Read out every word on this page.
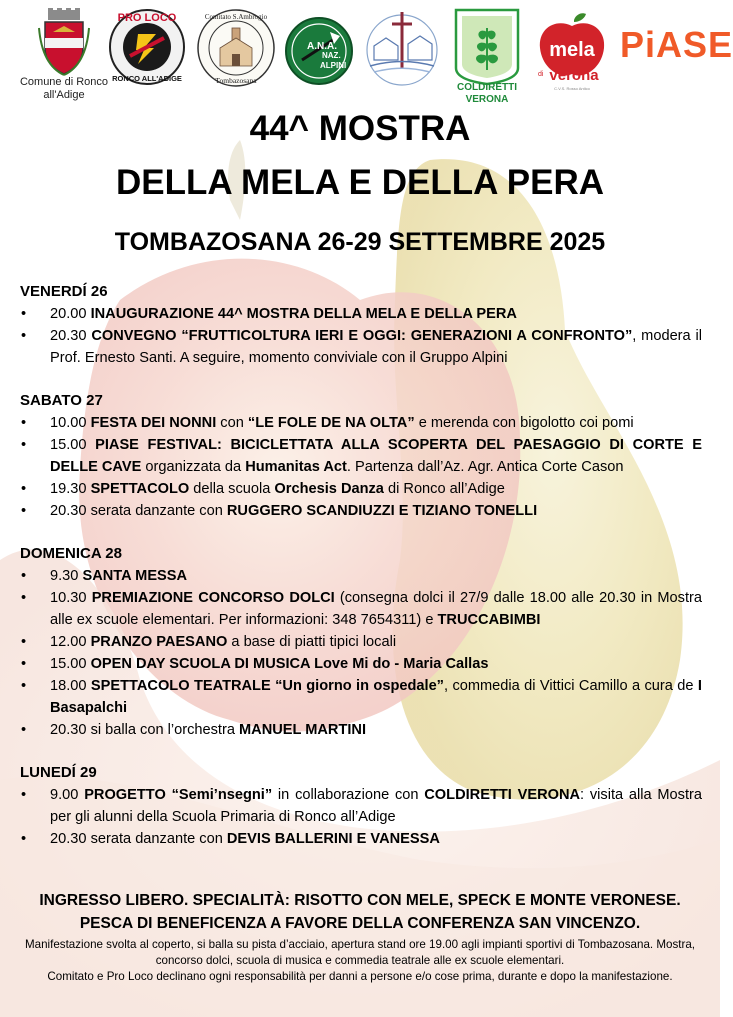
Comune di Ronco
all'Adige
PRO LOCO
RONCO ALL'ADIGE
Comitato S.Ambrogio
Tombazosana
A.N.A.
NAZ.
ALPINI
COLDIRETTI
VERONA
mela
di verona
C.V.S. Rosso Antico
PiASE
44^ MOSTRA
DELLA MELA E DELLA PERA
TOMBAZOSANA 26-29 SETTEMBRE 2025
VENERDÍ 26
• 20.00 INAUGURAZIONE 44^ MOSTRA DELLA MELA E DELLA PERA
• 20.30 CONVEGNO “FRUTTICOLTURA IERI E OGGI: GENERAZIONI A CONFRONTO”, modera il Prof. Ernesto Santi. A seguire, momento conviviale con il Gruppo Alpini
SABATO 27
• 10.00 FESTA DEI NONNI con “LE FOLE DE NA OLTA” e merenda con bigolotto coi pomi
• 15.00 PIASE FESTIVAL: BICICLETTATA ALLA SCOPERTA DEL PAESAGGIO DI CORTE E DELLE CAVE organizzata da Humanitas Act. Partenza dall’Az. Agr. Antica Corte Cason
• 19.30 SPETTACOLO della scuola Orchesis Danza di Ronco all’Adige
• 20.30 serata danzante con RUGGERO SCANDIUZZI E TIZIANO TONELLI
DOMENICA 28
• 9.30 SANTA MESSA
• 10.30 PREMIAZIONE CONCORSO DOLCI (consegna dolci il 27/9 dalle 18.00 alle 20.30 in Mostra alle ex scuole elementari. Per informazioni: 348 7654311) e TRUCCABIMBI
• 12.00 PRANZO PAESANO a base di piatti tipici locali
• 15.00 OPEN DAY SCUOLA DI MUSICA Love Mi do - Maria Callas
• 18.00 SPETTACOLO TEATRALE “Un giorno in ospedale”, commedia di Vittici Camillo a cura de I Basapalchi
• 20.30 si balla con l’orchestra MANUEL MARTINI
LUNEDÍ 29
• 9.00 PROGETTO “Semi’nsegni” in collaborazione con COLDIRETTI VERONA: visita alla Mostra per gli alunni della Scuola Primaria di Ronco all’Adige
• 20.30 serata danzante con DEVIS BALLERINI E VANESSA
INGRESSO LIBERO. SPECIALITÀ: RISOTTO CON MELE, SPECK E MONTE VERONESE.
PESCA DI BENEFICENZA A FAVORE DELLA CONFERENZA SAN VINCENZO.
Manifestazione svolta al coperto, si balla su pista d’acciaio, apertura stand ore 19.00 agli impianti sportivi di Tombazosana. Mostra, concorso dolci, scuola di musica e commedia teatrale alle ex scuole elementari.
Comitato e Pro Loco declinano ogni responsabilità per danni a persone e/o cose prima, durante e dopo la manifestazione.
